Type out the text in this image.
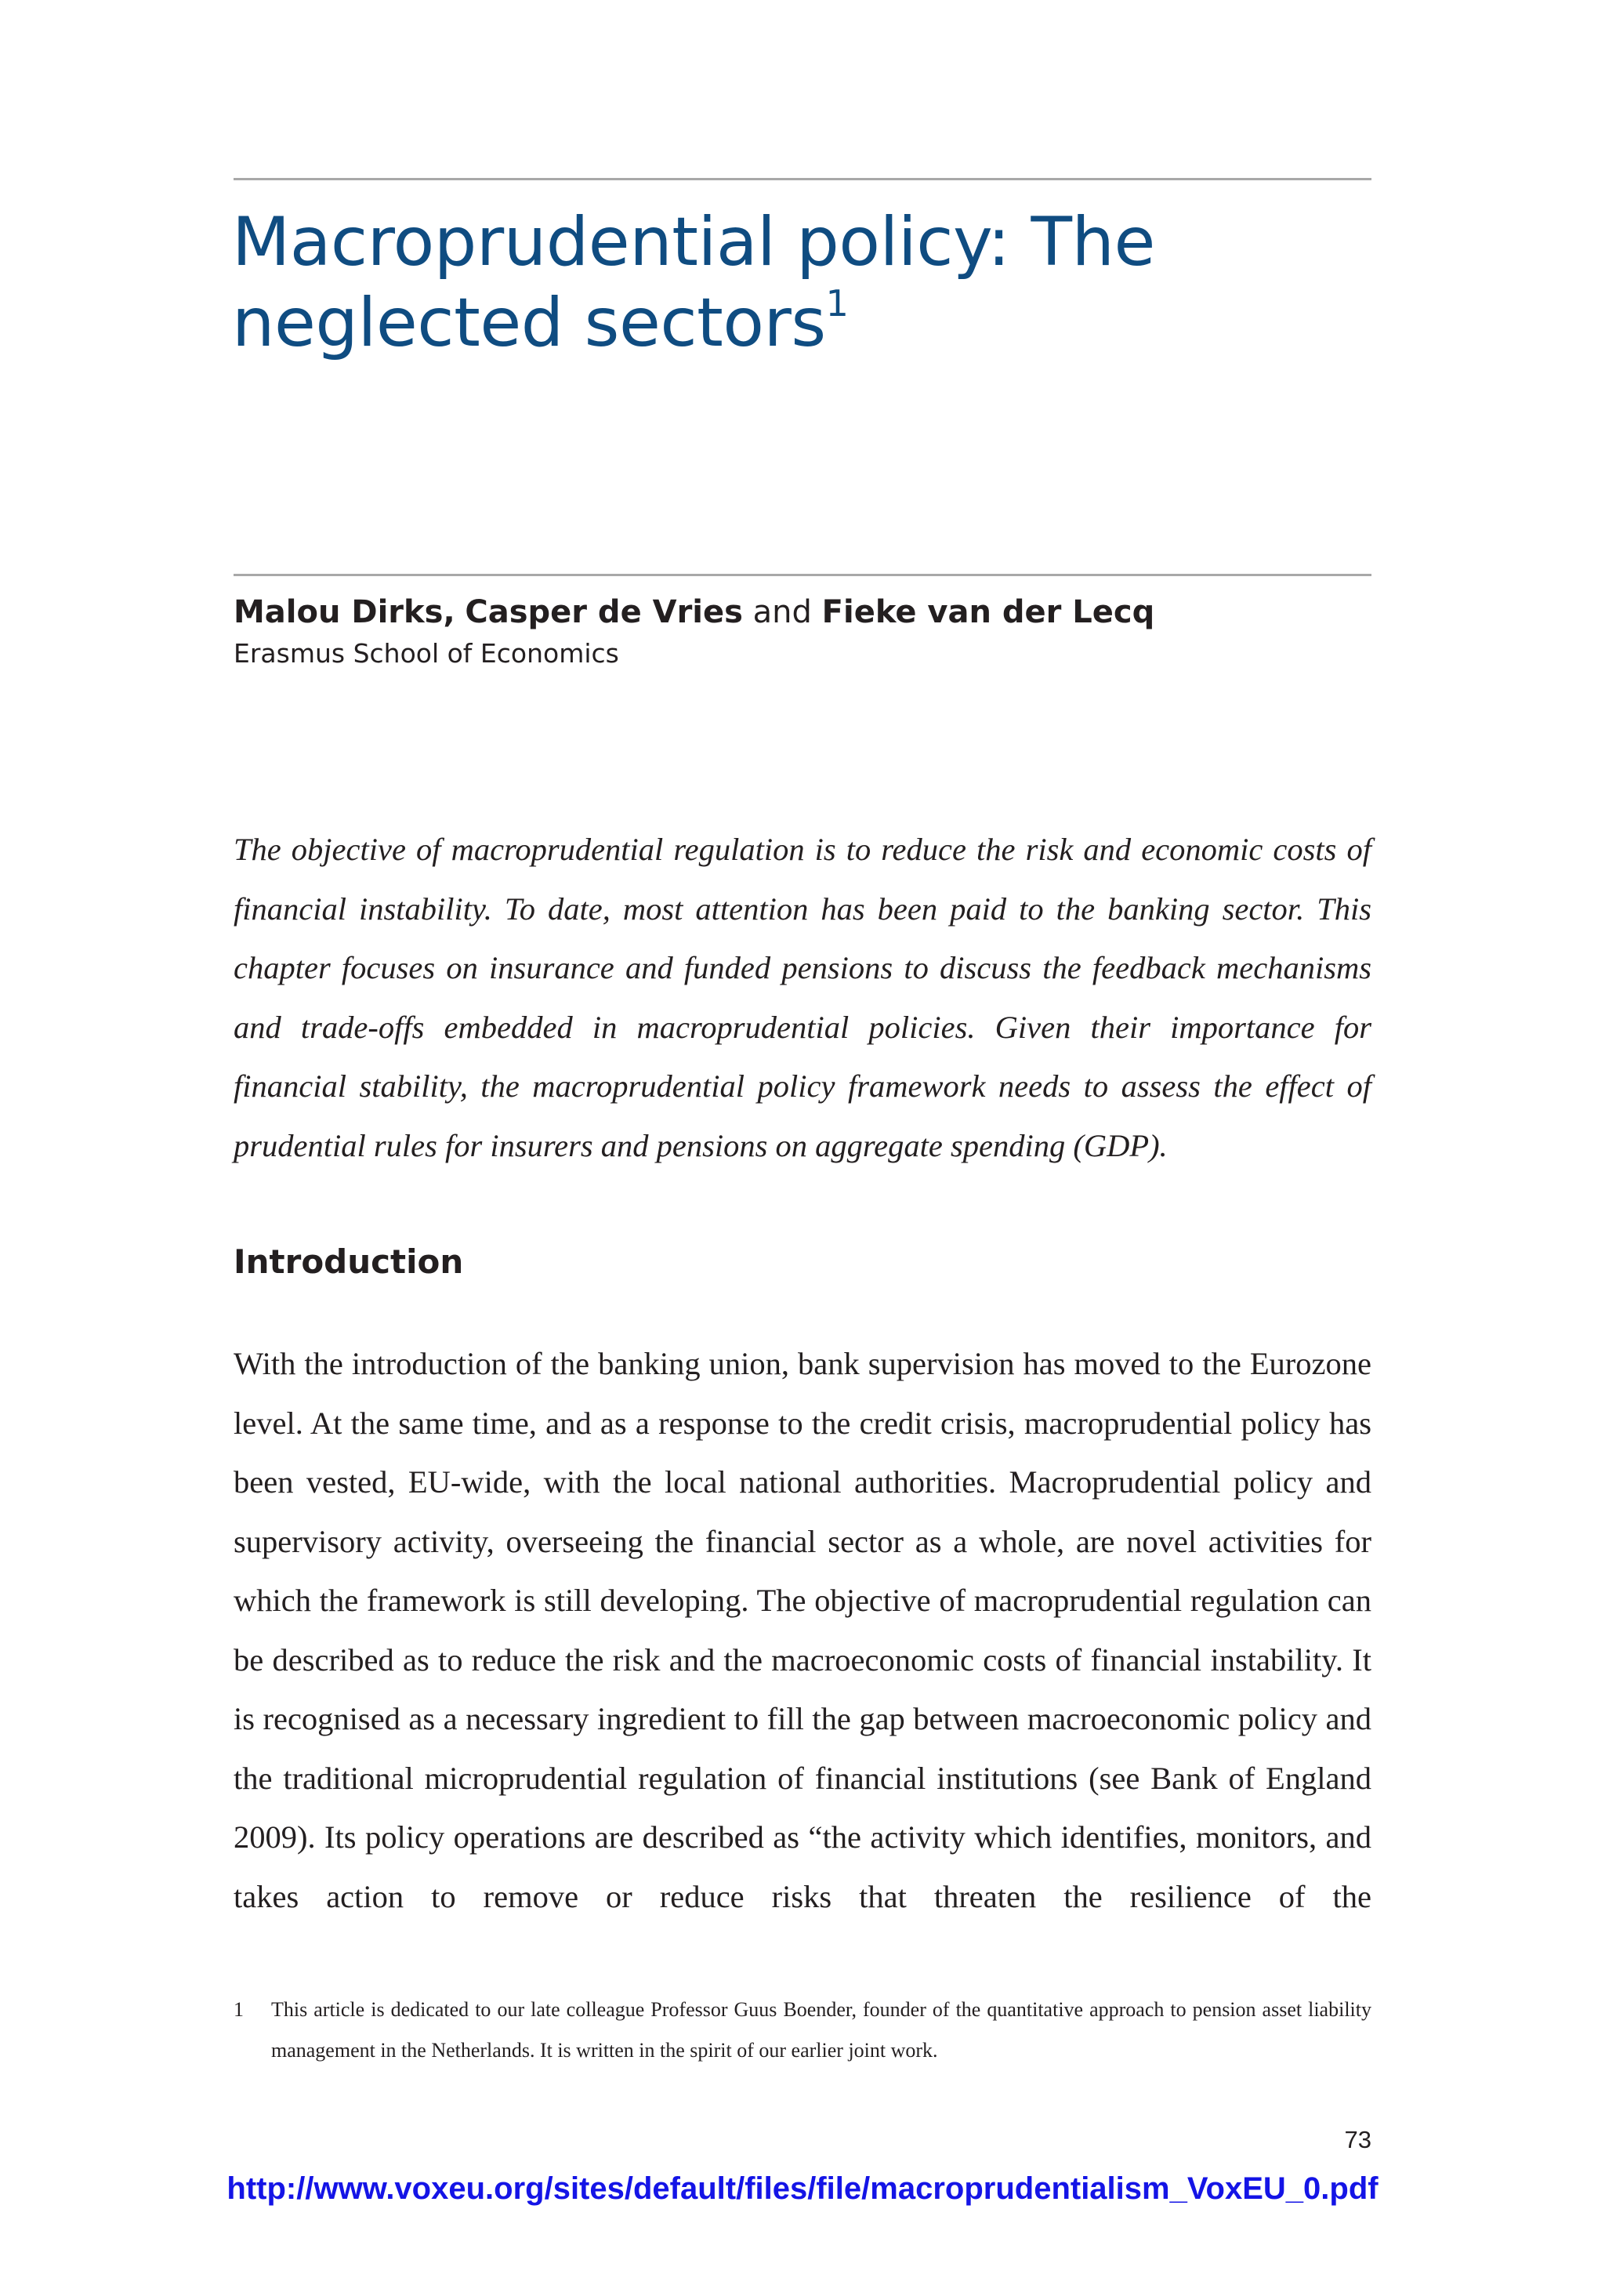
Macroprudential policy: The
neglected sectors$^1$
Malou Dirks, Casper de Vries and Fieke van der Lecq
Erasmus School of Economics

The objective of macroprudential regulation is to reduce the risk and economic costs of financial instability. To date, most attention has been paid to the banking sector. This chapter focuses on insurance and funded pensions to discuss the feedback mechanisms and trade-offs embedded in macroprudential policies. Given their importance for financial stability, the macroprudential policy framework needs to assess the effect of prudential rules for insurers and pensions on aggregate spending (GDP).

Introduction

With the introduction of the banking union, bank supervision has moved to the Eurozone level. At the same time, and as a response to the credit crisis, macroprudential policy has been vested, EU-wide, with the local national authorities. Macroprudential policy and supervisory activity, overseeing the financial sector as a whole, are novel activities for which the framework is still developing. The objective of macroprudential regulation can be described as to reduce the risk and the macroeconomic costs of financial instability. It is recognised as a necessary ingredient to fill the gap between macroeconomic policy and the traditional microprudential regulation of financial institutions (see Bank of England 2009). Its policy operations are described as “the activity which identifies, monitors, and takes action to remove or reduce risks that threaten the resilience of the

1 This article is dedicated to our late colleague Professor Guus Boender, founder of the quantitative approach to pension asset liability management in the Netherlands. It is written in the spirit of our earlier joint work.
73
http://www.voxeu.org/sites/default/files/file/macroprudentialism_VoxEU_0.pdf
